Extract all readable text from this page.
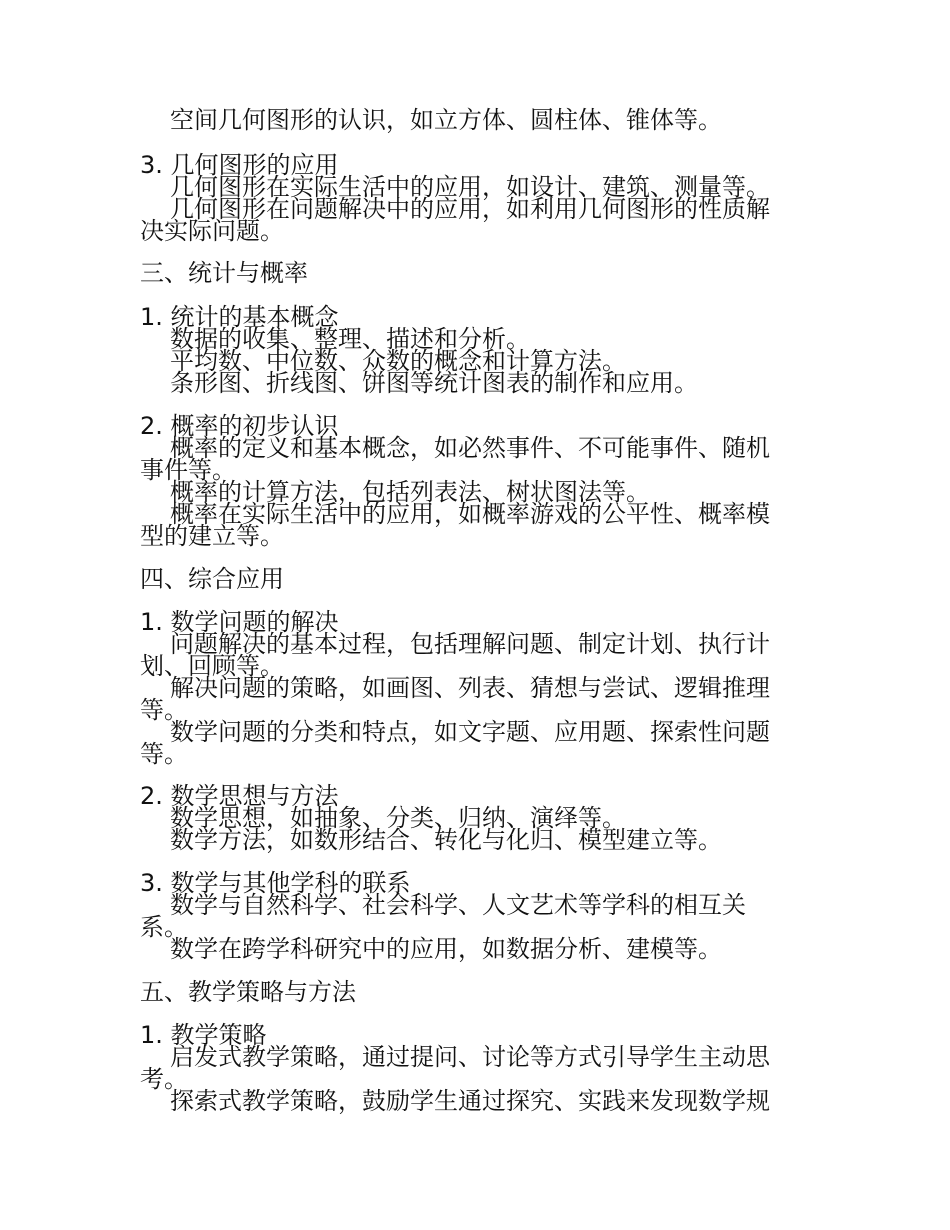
空间几何图形的认识，如立方体、圆柱体、锥体等。
3. 几何图形的应用
几何图形在实际生活中的应用，如设计、建筑、测量等。
几何图形在问题解决中的应用，如利用几何图形的性质解
决实际问题。
三、统计与概率
1. 统计的基本概念
数据的收集、整理、描述和分析。
平均数、中位数、众数的概念和计算方法。
条形图、折线图、饼图等统计图表的制作和应用。
2. 概率的初步认识
概率的定义和基本概念，如必然事件、不可能事件、随机
事件等。
概率的计算方法，包括列表法、树状图法等。
概率在实际生活中的应用，如概率游戏的公平性、概率模
型的建立等。
四、综合应用
1. 数学问题的解决
问题解决的基本过程，包括理解问题、制定计划、执行计
划、回顾等。
解决问题的策略，如画图、列表、猜想与尝试、逻辑推理
等。
数学问题的分类和特点，如文字题、应用题、探索性问题
等。
2. 数学思想与方法
数学思想，如抽象、分类、归纳、演绎等。
数学方法，如数形结合、转化与化归、模型建立等。
3. 数学与其他学科的联系
数学与自然科学、社会科学、人文艺术等学科的相互关
系。
数学在跨学科研究中的应用，如数据分析、建模等。
五、教学策略与方法
1. 教学策略
启发式教学策略，通过提问、讨论等方式引导学生主动思
考。
探索式教学策略，鼓励学生通过探究、实践来发现数学规
